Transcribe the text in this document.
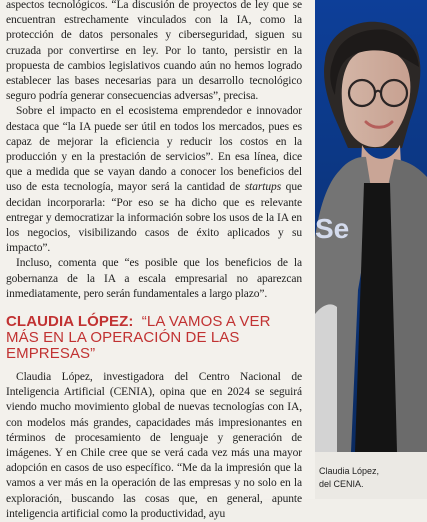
aspectos tecnológicos. “La discusión de proyectos de ley que se encuentran estrechamente vinculados con la IA, como la protección de datos personales y ciberseguridad, siguen su cruzada por convertirse en ley. Por lo tanto, persistir en la propuesta de cambios legislativos cuando aún no hemos logrado establecer las bases necesarias para un desarrollo tecnológico seguro podría generar consecuencias adversas”, precisa.

Sobre el impacto en el ecosistema emprendedor e innovador destaca que “la IA puede ser útil en todos los mercados, pues es capaz de mejorar la eficiencia y reducir los costos en la producción y en la prestación de servicios”. En esa línea, dice que a medida que se vayan dando a conocer los beneficios del uso de esta tecnología, mayor será la cantidad de startups que decidan incorporarla: “Por eso se ha dicho que es relevante entregar y democratizar la información sobre los usos de la IA en los negocios, visibilizando casos de éxito aplicados y su impacto”.

Incluso, comenta que “es posible que los beneficios de la gobernanza de la IA a escala empresarial no aparezcan inmediatamente, pero serán fundamentales a largo plazo”.

CLAUDIA LÓPEZ: “LA VAMOS A VER MÁS EN LA OPERACIÓN DE LAS EMPRESAS”

Claudia López, investigadora del Centro Nacional de Inteligencia Artificial (CENIA), opina que en 2024 se seguirá viendo mucho movimiento global de nuevas tecnologías con IA, con modelos más grandes, capacidades más impresionantes en términos de procesamiento de lenguaje y generación de imágenes. Y en Chile cree que se verá cada vez más una mayor adopción en casos de uso específico. “Me da la impresión que la vamos a ver más en la operación de las empresas y no solo en la exploración, buscando las cosas que, en general, apunte inteligencia artificial como la productividad, ayu

Se
Claudia López,
del CENIA.
